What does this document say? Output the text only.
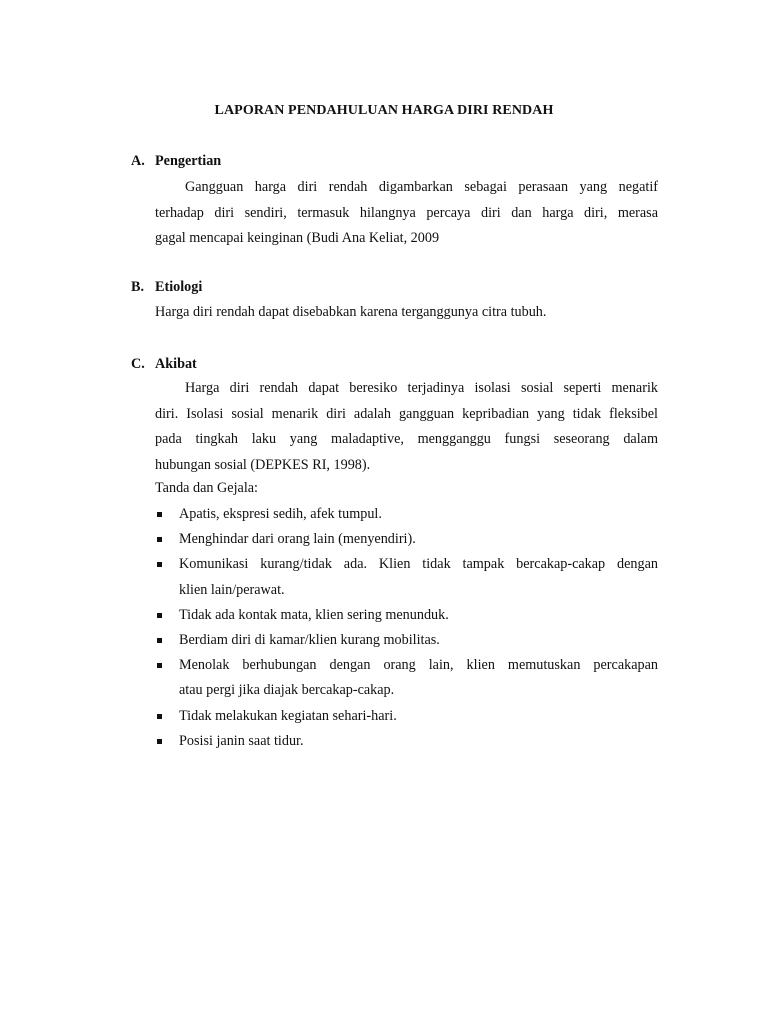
LAPORAN PENDAHULUAN HARGA DIRI RENDAH
A. Pengertian
Gangguan harga diri rendah digambarkan sebagai perasaan yang negatif
terhadap diri sendiri, termasuk hilangnya percaya diri dan harga diri, merasa
gagal mencapai keinginan (Budi Ana Keliat, 2009
B. Etiologi
Harga diri rendah dapat disebabkan karena terganggunya citra tubuh.
C. Akibat
Harga diri rendah dapat beresiko terjadinya isolasi sosial seperti menarik
diri. Isolasi sosial menarik diri adalah gangguan kepribadian yang tidak fleksibel
pada tingkah laku yang maladaptive, mengganggu fungsi seseorang dalam
hubungan sosial (DEPKES RI, 1998).
Tanda dan Gejala:
Apatis, ekspresi sedih, afek tumpul.
Menghindar dari orang lain (menyendiri).
Komunikasi kurang/tidak ada. Klien tidak tampak bercakap-cakap dengan
klien lain/perawat.
Tidak ada kontak mata, klien sering menunduk.
Berdiam diri di kamar/klien kurang mobilitas.
Menolak berhubungan dengan orang lain, klien memutuskan percakapan
atau pergi jika diajak bercakap-cakap.
Tidak melakukan kegiatan sehari-hari.
Posisi janin saat tidur.
